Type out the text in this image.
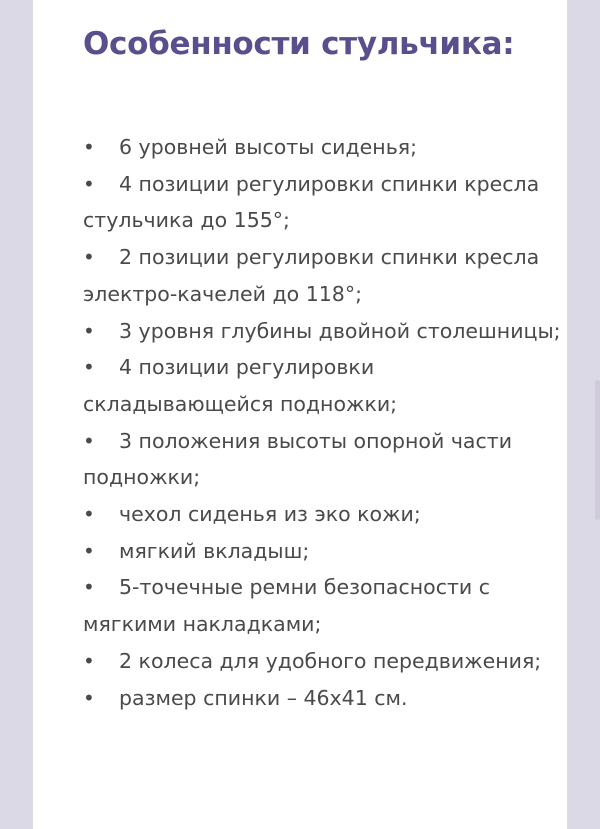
Особенности стульчика:
• 6 уровней высоты сиденья;
• 4 позиции регулировки спинки кресла стульчика до 155°;
• 2 позиции регулировки спинки кресла электро-качелей до 118°;
• 3 уровня глубины двойной столешницы;
• 4 позиции регулировки складывающейся подножки;
• 3 положения высоты опорной части подножки;
• чехол сиденья из эко кожи;
• мягкий вкладыш;
• 5-точечные ремни безопасности с мягкими накладками;
• 2 колеса для удобного передвижения;
• размер спинки – 46x41 см.
